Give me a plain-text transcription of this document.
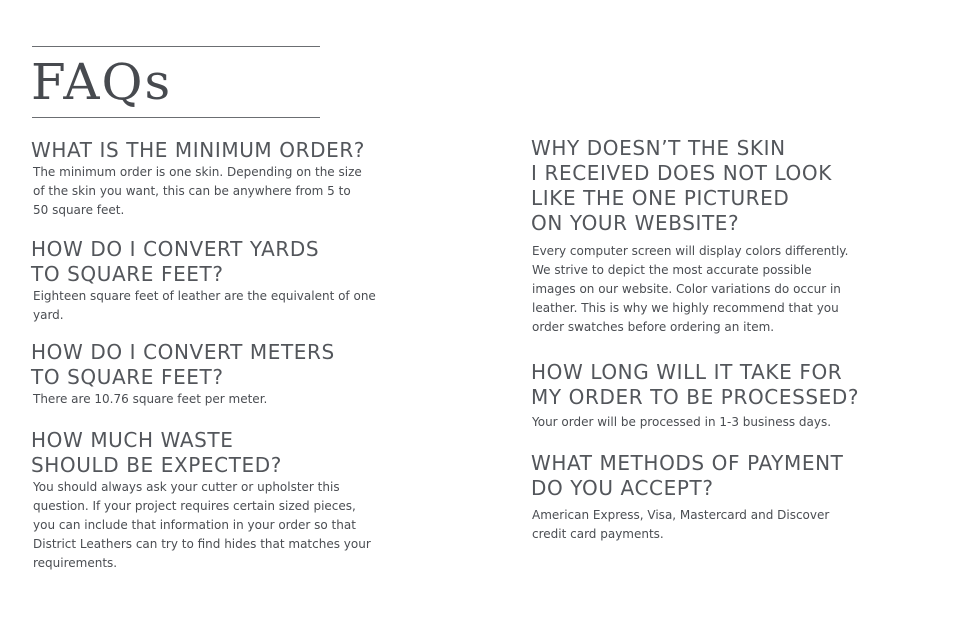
FAQs
WHAT IS THE MINIMUM ORDER?

The minimum order is one skin. Depending on the size
of the skin you want, this can be anywhere from 5 to
50 square feet.

HOW DO I CONVERT YARDS
TO SQUARE FEET?

Eighteen square feet of leather are the equivalent of one
yard.

HOW DO I CONVERT METERS
TO SQUARE FEET?

There are 10.76 square feet per meter.

HOW MUCH WASTE
SHOULD BE EXPECTED?

You should always ask your cutter or upholster this
question. If your project requires certain sized pieces,
you can include that information in your order so that
District Leathers can try to find hides that matches your
requirements.

WHY DOESN’T THE SKIN
I RECEIVED DOES NOT LOOK
LIKE THE ONE PICTURED
ON YOUR WEBSITE?

Every computer screen will display colors differently.
We strive to depict the most accurate possible
images on our website. Color variations do occur in
leather. This is why we highly recommend that you
order swatches before ordering an item.

HOW LONG WILL IT TAKE FOR
MY ORDER TO BE PROCESSED?

Your order will be processed in 1-3 business days.

WHAT METHODS OF PAYMENT
DO YOU ACCEPT?

American Express, Visa, Mastercard and Discover
credit card payments.
